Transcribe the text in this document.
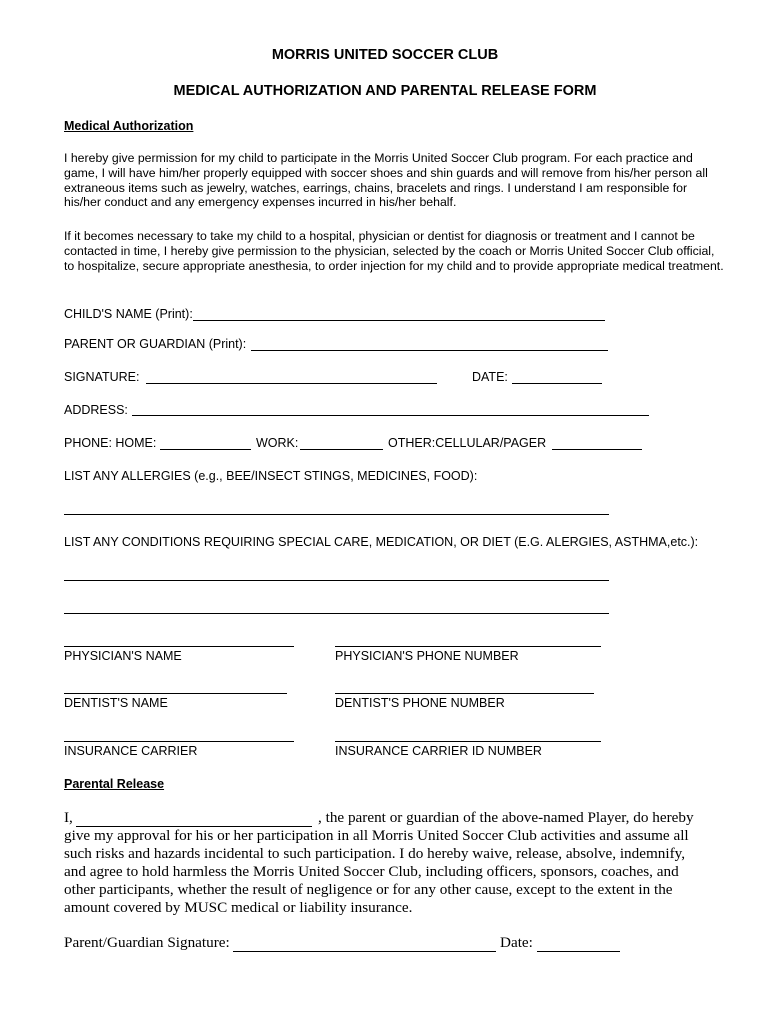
MORRIS UNITED SOCCER CLUB
MEDICAL AUTHORIZATION AND PARENTAL RELEASE FORM
Medical Authorization
I hereby give permission for my child to participate in the Morris United Soccer Club program. For each practice and game, I will have him/her properly equipped with soccer shoes and shin guards and will remove from his/her person all extraneous items such as jewelry, watches, earrings, chains, bracelets and rings. I understand I am responsible for his/her conduct and any emergency expenses incurred in his/her behalf.
If it becomes necessary to take my child to a hospital, physician or dentist for diagnosis or treatment and I cannot be contacted in time, I hereby give permission to the physician, selected by the coach or Morris United Soccer Club official, to hospitalize, secure appropriate anesthesia, to order injection for my child and to provide appropriate medical treatment.
CHILD'S NAME (Print):
PARENT OR GUARDIAN (Print):
SIGNATURE:	DATE:
ADDRESS:
PHONE: HOME:	WORK:	OTHER:CELLULAR/PAGER
LIST ANY ALLERGIES (e.g., BEE/INSECT STINGS, MEDICINES, FOOD):
LIST ANY CONDITIONS REQUIRING SPECIAL CARE, MEDICATION, OR DIET (E.G. ALERGIES, ASTHMA,etc.):
PHYSICIAN'S NAME	PHYSICIAN'S PHONE NUMBER
DENTIST'S NAME	DENTIST'S PHONE NUMBER
INSURANCE CARRIER	INSURANCE CARRIER ID NUMBER
Parental Release
I,	, the parent or guardian of the above-named Player, do hereby give my approval for his or her participation in all Morris United Soccer Club activities and assume all such risks and hazards incidental to such participation. I do hereby waive, release, absolve, indemnify, and agree to hold harmless the Morris United Soccer Club, including officers, sponsors, coaches, and other participants, whether the result of negligence or for any other cause, except to the extent in the amount covered by MUSC medical or liability insurance.
Parent/Guardian Signature:	Date:
